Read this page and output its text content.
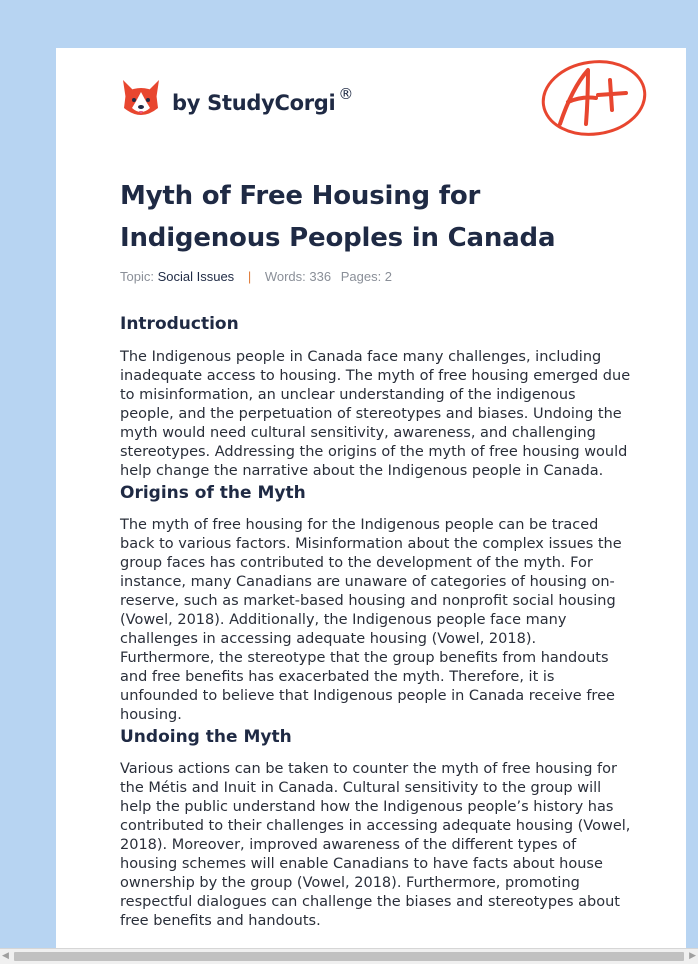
by StudyCorgi ®
A+
Myth of Free Housing for Indigenous Peoples in Canada
Topic: Social Issues | Words: 336 Pages: 2
Introduction

The Indigenous people in Canada face many challenges, including inadequate access to housing. The myth of free housing emerged due to misinformation, an unclear understanding of the indigenous people, and the perpetuation of stereotypes and biases. Undoing the myth would need cultural sensitivity, awareness, and challenging stereotypes. Addressing the origins of the myth of free housing would help change the narrative about the Indigenous people in Canada.

Origins of the Myth

The myth of free housing for the Indigenous people can be traced back to various factors. Misinformation about the complex issues the group faces has contributed to the development of the myth. For instance, many Canadians are unaware of categories of housing on-reserve, such as market-based housing and nonprofit social housing (Vowel, 2018). Additionally, the Indigenous people face many challenges in accessing adequate housing (Vowel, 2018). Furthermore, the stereotype that the group benefits from handouts and free benefits has exacerbated the myth. Therefore, it is unfounded to believe that Indigenous people in Canada receive free housing.

Undoing the Myth

Various actions can be taken to counter the myth of free housing for the Métis and Inuit in Canada. Cultural sensitivity to the group will help the public understand how the Indigenous people’s history has contributed to their challenges in accessing adequate housing (Vowel, 2018). Moreover, improved awareness of the different types of housing schemes will enable Canadians to have facts about house ownership by the group (Vowel, 2018). Furthermore, promoting respectful dialogues can challenge the biases and stereotypes about free benefits and handouts.

◀	▶
